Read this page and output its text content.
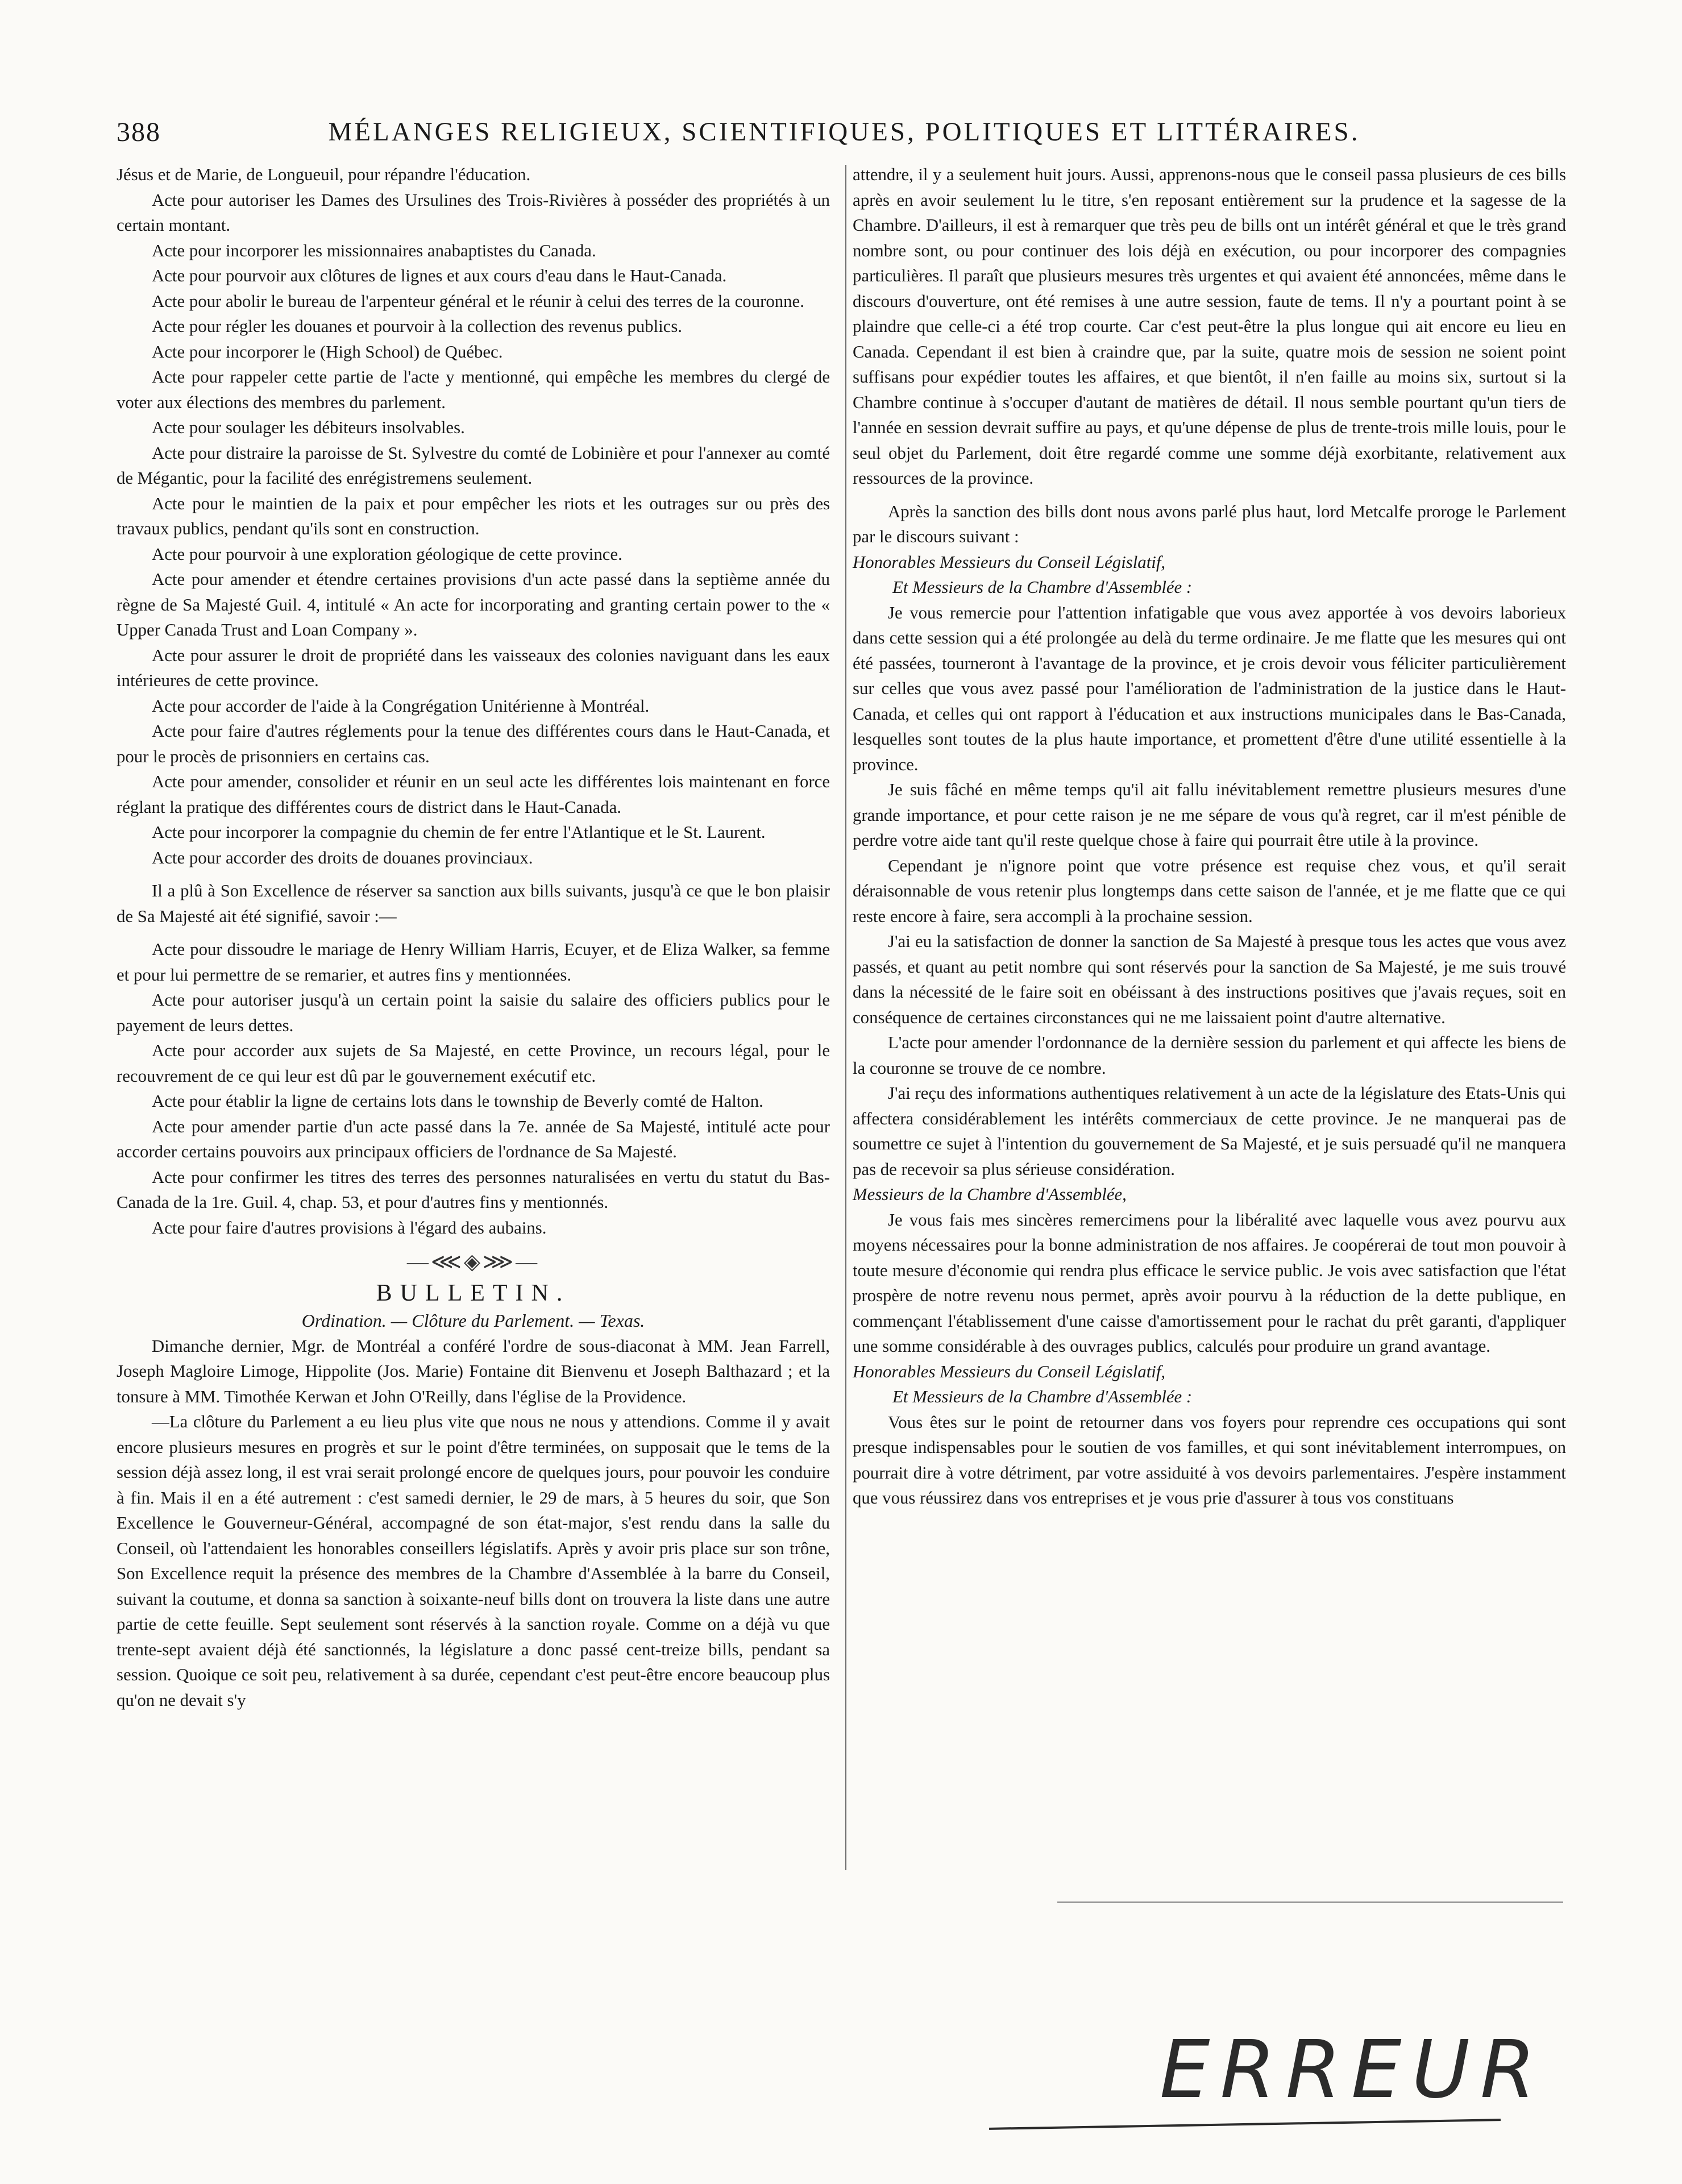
388	MÉLANGES RELIGIEUX, SCIENTIFIQUES, POLITIQUES ET LITTÉRAIRES.

Jésus et de Marie, de Longueuil, pour répandre l'éducation.

Acte pour autoriser les Dames des Ursulines des Trois-Rivières à posséder des propriétés à un certain montant.

Acte pour incorporer les missionnaires anabaptistes du Canada.

Acte pour pourvoir aux clôtures de lignes et aux cours d'eau dans le Haut-Canada.

Acte pour abolir le bureau de l'arpenteur général et le réunir à celui des terres de la couronne.

Acte pour régler les douanes et pourvoir à la collection des revenus publics.

Acte pour incorporer le (High School) de Québec.

Acte pour rappeler cette partie de l'acte y mentionné, qui empêche les membres du clergé de voter aux élections des membres du parlement.

Acte pour soulager les débiteurs insolvables.

Acte pour distraire la paroisse de St. Sylvestre du comté de Lobinière et pour l'annexer au comté de Mégantic, pour la facilité des enrégistremens seulement.

Acte pour le maintien de la paix et pour empêcher les riots et les outrages sur ou près des travaux publics, pendant qu'ils sont en construction.

Acte pour pourvoir à une exploration géologique de cette province.

Acte pour amender et étendre certaines provisions d'un acte passé dans la septième année du règne de Sa Majesté Guil. 4, intitulé « An acte for incorporating and granting certain power to the « Upper Canada Trust and Loan Company ».

Acte pour assurer le droit de propriété dans les vaisseaux des colonies naviguant dans les eaux intérieures de cette province.

Acte pour accorder de l'aide à la Congrégation Unitérienne à Montréal.

Acte pour faire d'autres réglements pour la tenue des différentes cours dans le Haut-Canada, et pour le procès de prisonniers en certains cas.

Acte pour amender, consolider et réunir en un seul acte les différentes lois maintenant en force réglant la pratique des différentes cours de district dans le Haut-Canada.

Acte pour incorporer la compagnie du chemin de fer entre l'Atlantique et le St. Laurent.

Acte pour accorder des droits de douanes provinciaux.

Il a plû à Son Excellence de réserver sa sanction aux bills suivants, jusqu'à ce que le bon plaisir de Sa Majesté ait été signifié, savoir :—

Acte pour dissoudre le mariage de Henry William Harris, Ecuyer, et de Eliza Walker, sa femme et pour lui permettre de se remarier, et autres fins y mentionnées.

Acte pour autoriser jusqu'à un certain point la saisie du salaire des officiers publics pour le payement de leurs dettes.

Acte pour accorder aux sujets de Sa Majesté, en cette Province, un recours légal, pour le recouvrement de ce qui leur est dû par le gouvernement exécutif etc.

Acte pour établir la ligne de certains lots dans le township de Beverly comté de Halton.

Acte pour amender partie d'un acte passé dans la 7e. année de Sa Majesté, intitulé acte pour accorder certains pouvoirs aux principaux officiers de l'ordnance de Sa Majesté.

Acte pour confirmer les titres des terres des personnes naturalisées en vertu du statut du Bas-Canada de la 1re. Guil. 4, chap. 53, et pour d'autres fins y mentionnés.

Acte pour faire d'autres provisions à l'égard des aubains.

—⋘◈⋙—
BULLETIN.
Ordination. — Clôture du Parlement. — Texas.

Dimanche dernier, Mgr. de Montréal a conféré l'ordre de sous-diaconat à MM. Jean Farrell, Joseph Magloire Limoge, Hippolite (Jos. Marie) Fontaine dit Bienvenu et Joseph Balthazard ; et la tonsure à MM. Timothée Kerwan et John O'Reilly, dans l'église de la Providence.

—La clôture du Parlement a eu lieu plus vite que nous ne nous y attendions. Comme il y avait encore plusieurs mesures en progrès et sur le point d'être terminées, on supposait que le tems de la session déjà assez long, il est vrai serait prolongé encore de quelques jours, pour pouvoir les conduire à fin. Mais il en a été autrement : c'est samedi dernier, le 29 de mars, à 5 heures du soir, que Son Excellence le Gouverneur-Général, accompagné de son état-major, s'est rendu dans la salle du Conseil, où l'attendaient les honorables conseillers législatifs. Après y avoir pris place sur son trône, Son Excellence requit la présence des membres de la Chambre d'Assemblée à la barre du Conseil, suivant la coutume, et donna sa sanction à soixante-neuf bills dont on trouvera la liste dans une autre partie de cette feuille. Sept seulement sont réservés à la sanction royale. Comme on a déjà vu que trente-sept avaient déjà été sanctionnés, la législature a donc passé cent-treize bills, pendant sa session. Quoique ce soit peu, relativement à sa durée, cependant c'est peut-être encore beaucoup plus qu'on ne devait s'y

attendre, il y a seulement huit jours. Aussi, apprenons-nous que le conseil passa plusieurs de ces bills après en avoir seulement lu le titre, s'en reposant entièrement sur la prudence et la sagesse de la Chambre. D'ailleurs, il est à remarquer que très peu de bills ont un intérêt général et que le très grand nombre sont, ou pour continuer des lois déjà en exécution, ou pour incorporer des compagnies particulières. Il paraît que plusieurs mesures très urgentes et qui avaient été annoncées, même dans le discours d'ouverture, ont été remises à une autre session, faute de tems. Il n'y a pourtant point à se plaindre que celle-ci a été trop courte. Car c'est peut-être la plus longue qui ait encore eu lieu en Canada. Cependant il est bien à craindre que, par la suite, quatre mois de session ne soient point suffisans pour expédier toutes les affaires, et que bientôt, il n'en faille au moins six, surtout si la Chambre continue à s'occuper d'autant de matières de détail. Il nous semble pourtant qu'un tiers de l'année en session devrait suffire au pays, et qu'une dépense de plus de trente-trois mille louis, pour le seul objet du Parlement, doit être regardé comme une somme déjà exorbitante, relativement aux ressources de la province.

Après la sanction des bills dont nous avons parlé plus haut, lord Metcalfe proroge le Parlement par le discours suivant :

Honorables Messieurs du Conseil Législatif,

Et Messieurs de la Chambre d'Assemblée :

Je vous remercie pour l'attention infatigable que vous avez apportée à vos devoirs laborieux dans cette session qui a été prolongée au delà du terme ordinaire. Je me flatte que les mesures qui ont été passées, tourneront à l'avantage de la province, et je crois devoir vous féliciter particulièrement sur celles que vous avez passé pour l'amélioration de l'administration de la justice dans le Haut-Canada, et celles qui ont rapport à l'éducation et aux instructions municipales dans le Bas-Canada, lesquelles sont toutes de la plus haute importance, et promettent d'être d'une utilité essentielle à la province.

Je suis fâché en même temps qu'il ait fallu inévitablement remettre plusieurs mesures d'une grande importance, et pour cette raison je ne me sépare de vous qu'à regret, car il m'est pénible de perdre votre aide tant qu'il reste quelque chose à faire qui pourrait être utile à la province.

Cependant je n'ignore point que votre présence est requise chez vous, et qu'il serait déraisonnable de vous retenir plus longtemps dans cette saison de l'année, et je me flatte que ce qui reste encore à faire, sera accompli à la prochaine session.

J'ai eu la satisfaction de donner la sanction de Sa Majesté à presque tous les actes que vous avez passés, et quant au petit nombre qui sont réservés pour la sanction de Sa Majesté, je me suis trouvé dans la nécessité de le faire soit en obéissant à des instructions positives que j'avais reçues, soit en conséquence de certaines circonstances qui ne me laissaient point d'autre alternative.

L'acte pour amender l'ordonnance de la dernière session du parlement et qui affecte les biens de la couronne se trouve de ce nombre.

J'ai reçu des informations authentiques relativement à un acte de la législature des Etats-Unis qui affectera considérablement les intérêts commerciaux de cette province. Je ne manquerai pas de soumettre ce sujet à l'intention du gouvernement de Sa Majesté, et je suis persuadé qu'il ne manquera pas de recevoir sa plus sérieuse considération.

Messieurs de la Chambre d'Assemblée,

Je vous fais mes sincères remercimens pour la libéralité avec laquelle vous avez pourvu aux moyens nécessaires pour la bonne administration de nos affaires. Je coopérerai de tout mon pouvoir à toute mesure d'économie qui rendra plus efficace le service public. Je vois avec satisfaction que l'état prospère de notre revenu nous permet, après avoir pourvu à la réduction de la dette publique, en commençant l'établissement d'une caisse d'amortissement pour le rachat du prêt garanti, d'appliquer une somme considérable à des ouvrages publics, calculés pour produire un grand avantage.

Honorables Messieurs du Conseil Législatif,

Et Messieurs de la Chambre d'Assemblée :

Vous êtes sur le point de retourner dans vos foyers pour reprendre ces occupations qui sont presque indispensables pour le soutien de vos familles, et qui sont inévitablement interrompues, on pourrait dire à votre détriment, par votre assiduité à vos devoirs parlementaires. J'espère instamment que vous réussirez dans vos entreprises et je vous prie d'assurer à tous vos constituans

ERREUR
